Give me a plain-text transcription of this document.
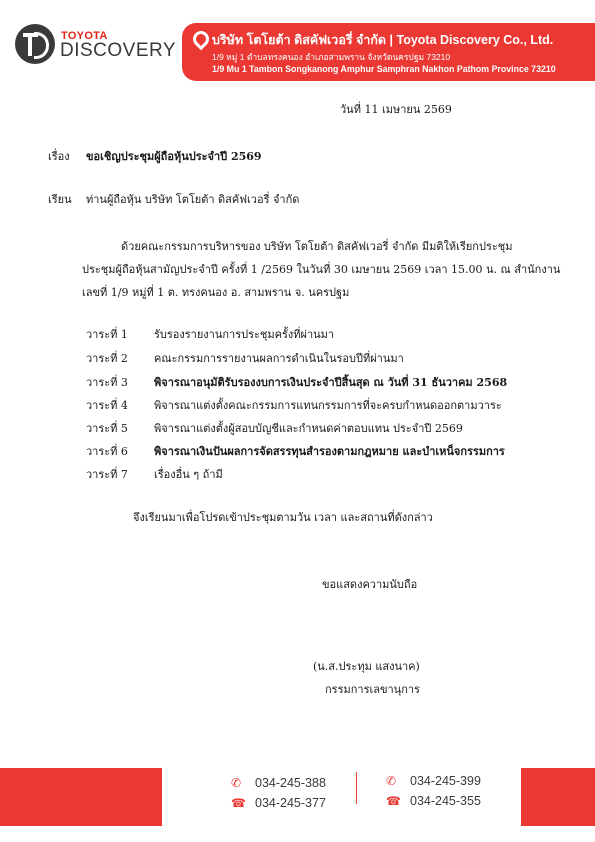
TOYOTA
DISCOVERY	บริษัท โตโยต้า ดิสคัฟเวอรี่ จำกัด | Toyota Discovery Co., Ltd.
1/9 หมู่ 1 ตำบลทรงคนอง อำเภอสามพราน จังหวัดนครปฐม 73210
1/9 Mu 1 Tambon Songkanong Amphur Samphran Nakhon Pathom Province 73210
วันที่ 11 เมษายน 2569
เรื่อง ขอเชิญประชุมผู้ถือหุ้นประจำปี 2569
เรียน ท่านผู้ถือหุ้น บริษัท โตโยต้า ดิสคัฟเวอรี่ จำกัด
ด้วยคณะกรรมการบริหารของ บริษัท โตโยต้า ดิสคัฟเวอรี่ จำกัด มีมติให้เรียกประชุม
ประชุมผู้ถือหุ้นสามัญประจำปี ครั้งที่ 1 /2569 ในวันที่ 30 เมษายน 2569 เวลา 15.00 น. ณ สำนักงาน
เลขที่ 1/9 หมู่ที่ 1 ต. ทรงคนอง อ. สามพราน จ. นครปฐม
วาระที่ 1 รับรองรายงานการประชุมครั้งที่ผ่านมา
วาระที่ 2 คณะกรรมการรายงานผลการดำเนินในรอบปีที่ผ่านมา
วาระที่ 3 พิจารณาอนุมัติรับรองงบการเงินประจำปีสิ้นสุด ณ วันที่ 31 ธันวาคม 2568
วาระที่ 4 พิจารณาแต่งตั้งคณะกรรมการแทนกรรมการที่จะครบกำหนดออกตามวาระ
วาระที่ 5 พิจารณาแต่งตั้งผู้สอบบัญชีและกำหนดค่าตอบแทน ประจำปี 2569
วาระที่ 6 พิจารณาเงินปันผลการจัดสรรทุนสำรองตามกฎหมาย และบำเหน็จกรรมการ
วาระที่ 7 เรื่องอื่น ๆ ถ้ามี
จึงเรียนมาเพื่อโปรดเข้าประชุมตามวัน เวลา และสถานที่ดังกล่าว
ขอแสดงความนับถือ
(น.ส.ประทุม แสงนาค)
กรรมการเลขานุการ
✆ 034-245-388
☎ 034-245-377
✆ 034-245-399
☎ 034-245-355
